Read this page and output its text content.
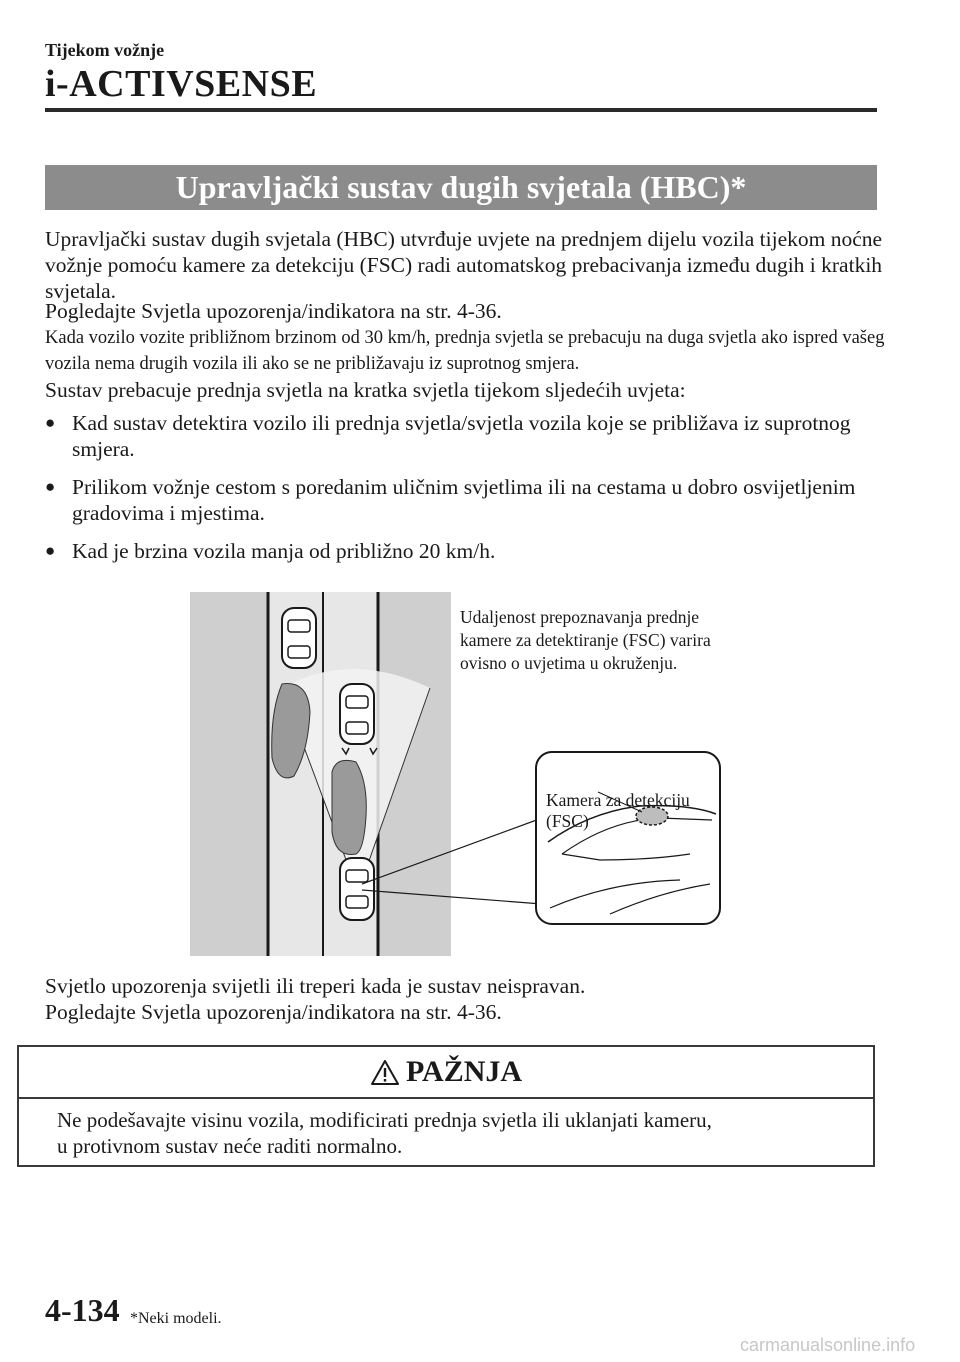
Tijekom vožnje
i-ACTIVSENSE
Upravljački sustav dugih svjetala (HBC)*
Upravljački sustav dugih svjetala (HBC) utvrđuje uvjete na prednjem dijelu vozila tijekom noćne vožnje pomoću kamere za detekciju (FSC) radi automatskog prebacivanja između dugih i kratkih svjetala.
Pogledajte Svjetla upozorenja/indikatora na str. 4-36.
Kada vozilo vozite približnom brzinom od 30 km/h, prednja svjetla se prebacuju na duga svjetla ako ispred vašeg vozila nema drugih vozila ili ako se ne približavaju iz suprotnog smjera.
Sustav prebacuje prednja svjetla na kratka svjetla tijekom sljedećih uvjeta:
● Kad sustav detektira vozilo ili prednja svjetla/svjetla vozila koje se približava iz suprotnog smjera.
● Prilikom vožnje cestom s poredanim uličnim svjetlima ili na cestama u dobro osvijetljenim gradovima i mjestima.
● Kad je brzina vozila manja od približno 20 km/h.
Udaljenost prepoznavanja prednje kamere za detektiranje (FSC) varira ovisno o uvjetima u okruženju.
Kamera za detekciju
(FSC)
Svjetlo upozorenja svijetli ili treperi kada je sustav neispravan.
Pogledajte Svjetla upozorenja/indikatora na str. 4-36.
PAŽNJA
Ne podešavajte visinu vozila, modificirati prednja svjetla ili uklanjati kameru,
u protivnom sustav neće raditi normalno.
4-134 *Neki modeli.
carmanualsonline.info
